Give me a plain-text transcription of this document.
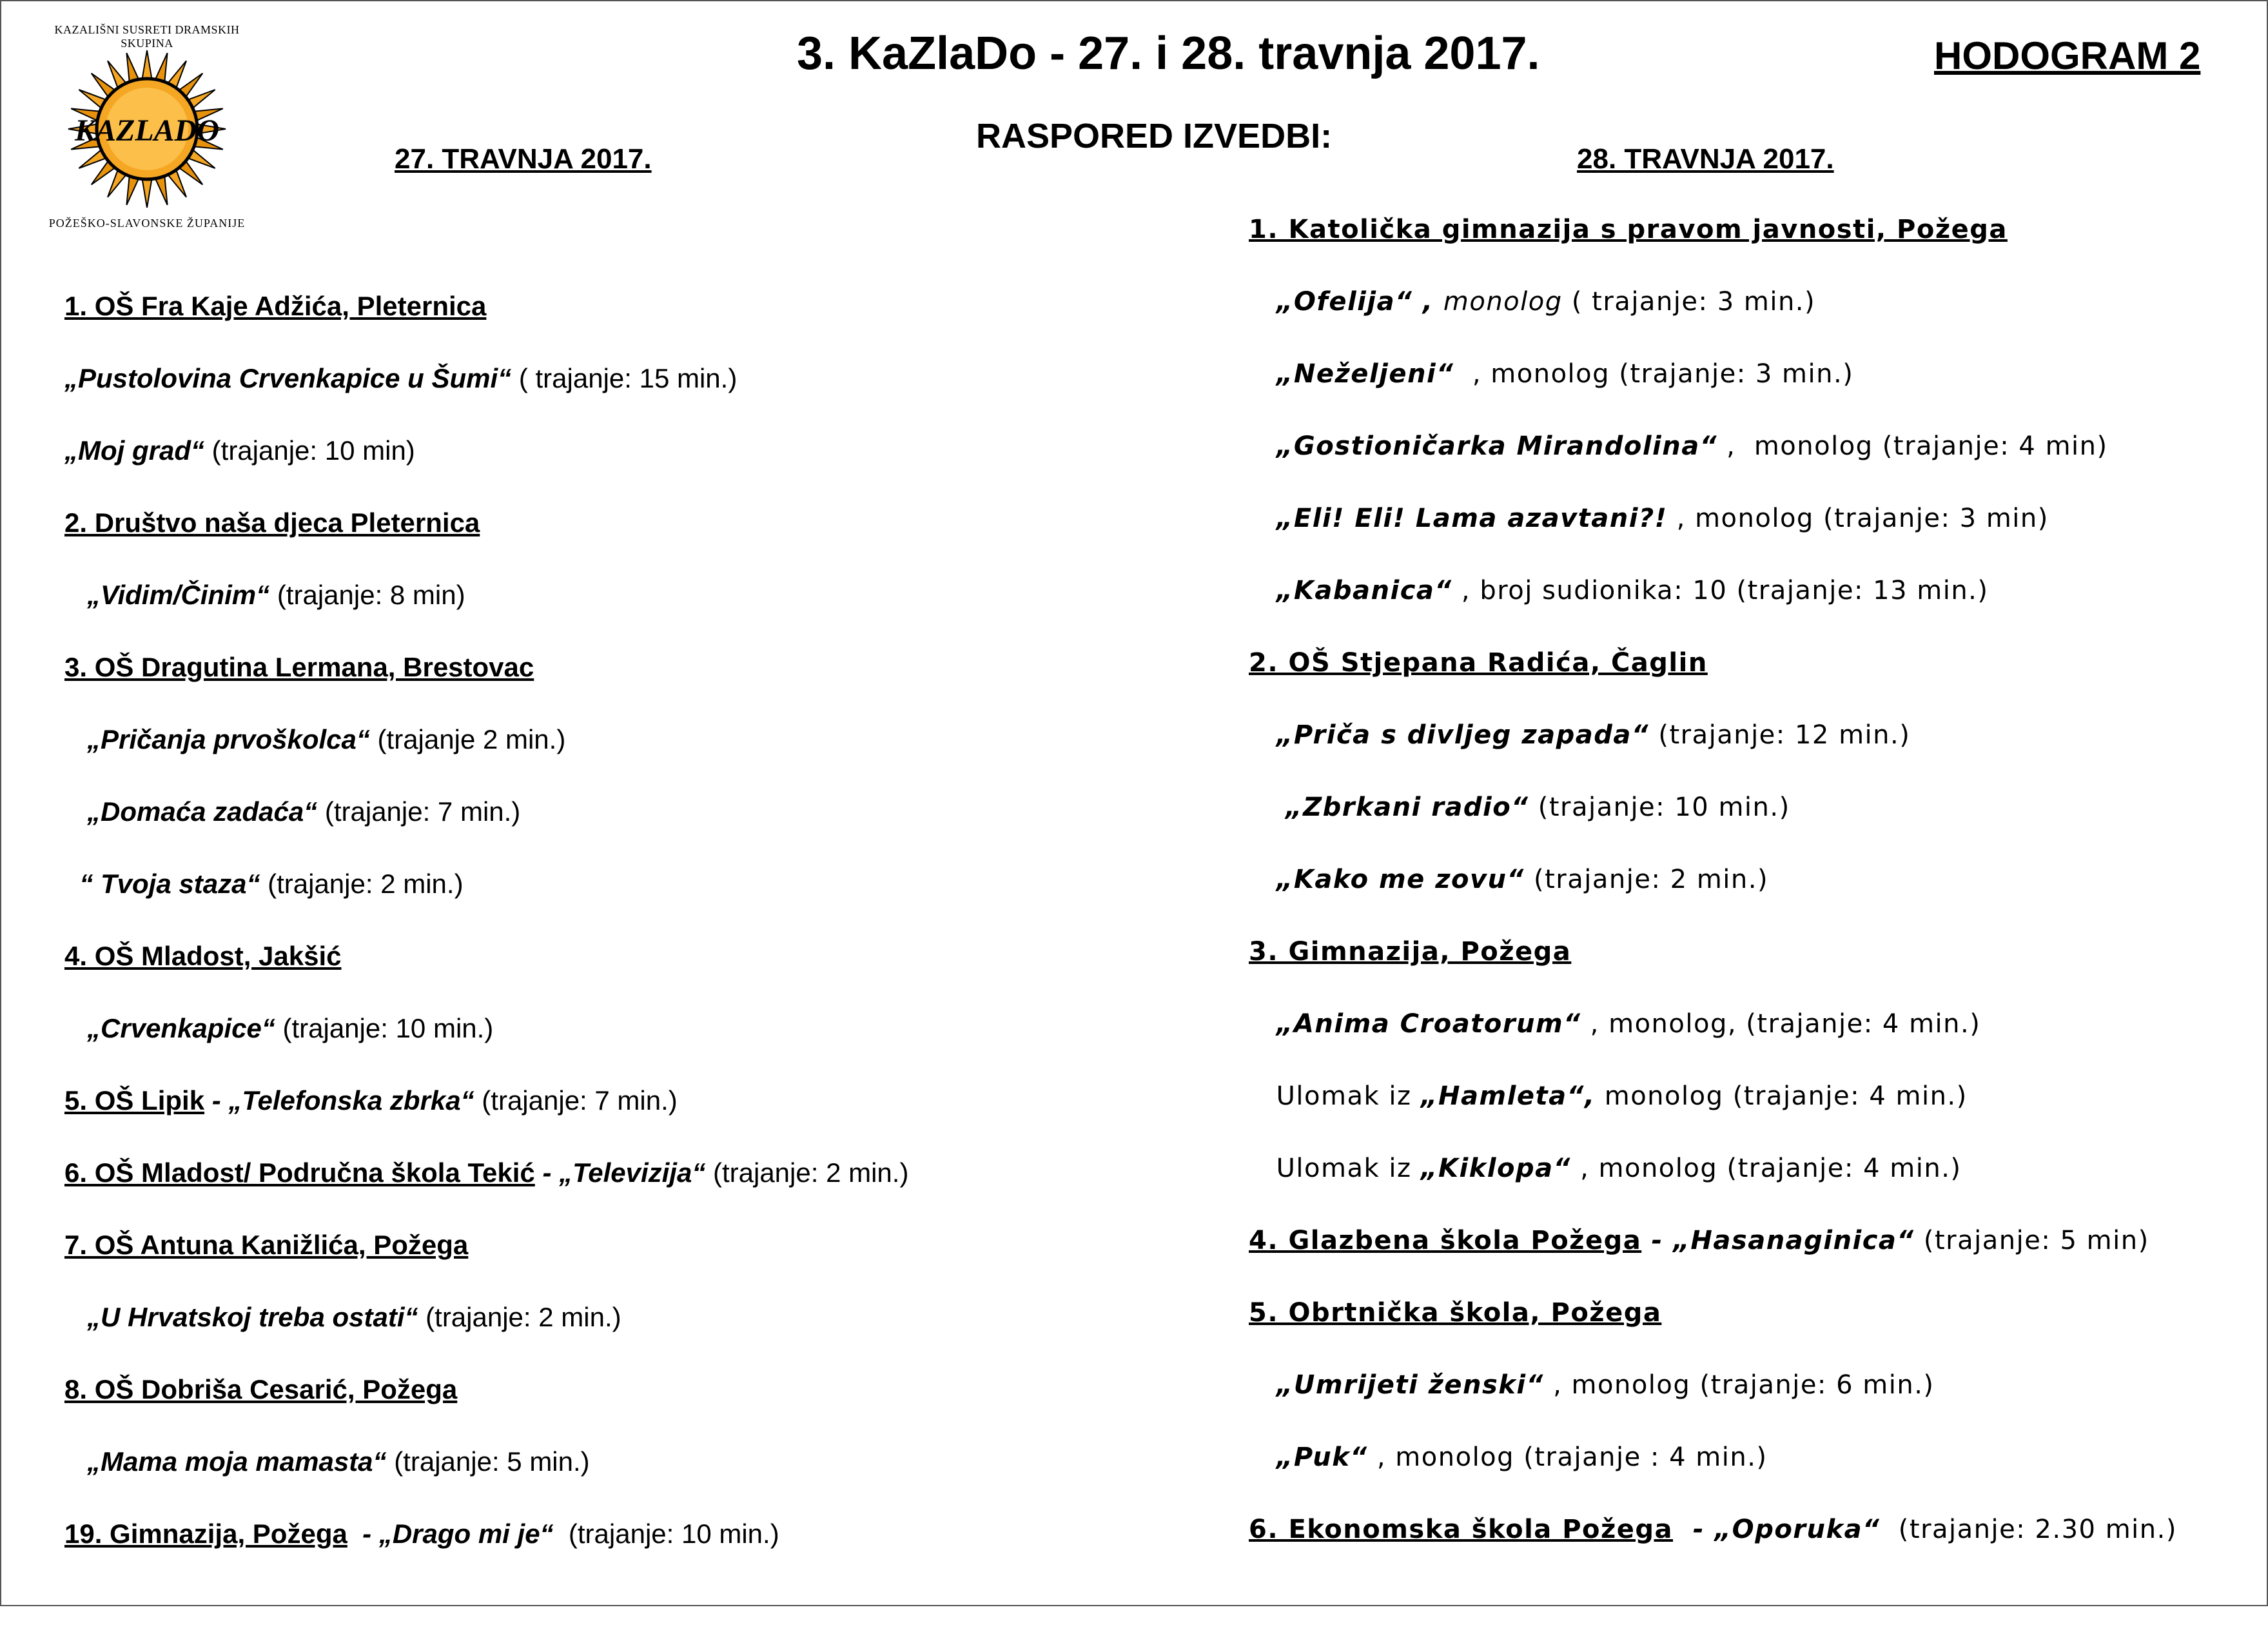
KAZALIŠNI SUSRETI DRAMSKIH SKUPINA
KAZLADO
POŽEŠKO-SLAVONSKE ŽUPANIJE
3. KaZlaDo - 27. i 28. travnja 2017.	HODOGRAM 2
RASPORED IZVEDBI:
27. TRAVNJA 2017.	28. TRAVNJA 2017.
1. OŠ Fra Kaje Adžića, Pleternica
„Pustolovina Crvenkapice u Šumi“ ( trajanje: 15 min.)
„Moj grad“ (trajanje: 10 min)
2. Društvo naša djeca Pleternica
„Vidim/Činim“ (trajanje: 8 min)
3. OŠ Dragutina Lermana, Brestovac
„Pričanja prvoškolca“ (trajanje 2 min.)
„Domaća zadaća“ (trajanje: 7 min.)
“ Tvoja staza“ (trajanje: 2 min.)
4. OŠ Mladost, Jakšić
„Crvenkapice“ (trajanje: 10 min.)
5. OŠ Lipik - „Telefonska zbrka“ (trajanje: 7 min.)
6. OŠ Mladost/ Područna škola Tekić - „Televizija“ (trajanje: 2 min.)
7. OŠ Antuna Kanižlića, Požega
„U Hrvatskoj treba ostati“ (trajanje: 2 min.)
8. OŠ Dobriša Cesarić, Požega
„Mama moja mamasta“ (trajanje: 5 min.)
19. Gimnazija, Požega  - „Drago mi je“  (trajanje: 10 min.)
1. Katolička gimnazija s pravom javnosti, Požega
„Ofelija“ , monolog ( trajanje: 3 min.)
„Neželjeni“  , monolog (trajanje: 3 min.)
„Gostioničarka Mirandolina“ ,  monolog (trajanje: 4 min)
„Eli! Eli! Lama azavtani?! , monolog (trajanje: 3 min)
„Kabanica“ , broj sudionika: 10 (trajanje: 13 min.)
2. OŠ Stjepana Radića, Čaglin
„Priča s divljeg zapada“ (trajanje: 12 min.)
„Zbrkani radio“ (trajanje: 10 min.)
„Kako me zovu“ (trajanje: 2 min.)
3. Gimnazija, Požega
„Anima Croatorum“ , monolog, (trajanje: 4 min.)
Ulomak iz „Hamleta“, monolog (trajanje: 4 min.)
Ulomak iz „Kiklopa“ , monolog (trajanje: 4 min.)
4. Glazbena škola Požega - „Hasanaginica“ (trajanje: 5 min)
5. Obrtnička škola, Požega
„Umrijeti ženski“ , monolog (trajanje: 6 min.)
„Puk“ , monolog (trajanje : 4 min.)
6. Ekonomska škola Požega  - „Oporuka“  (trajanje: 2.30 min.)
